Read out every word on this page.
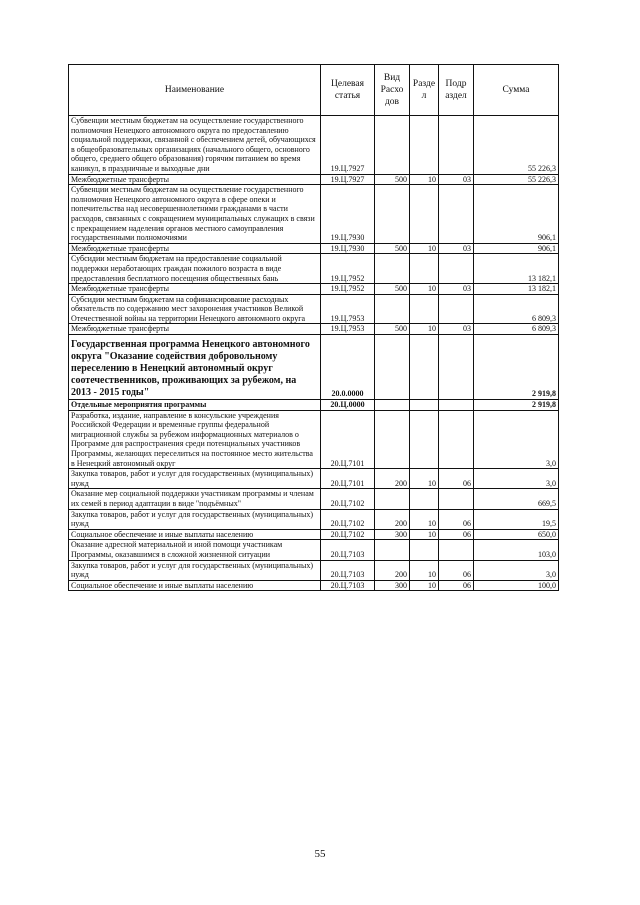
Наименование	Целевая статья	Вид Расхо дов	Разде л	Подр аздел	Сумма
Субвенции местным бюджетам на осуществление государственного полномочия Ненецкого автономного округа по предоставлению социальной поддержки, связанной с обеспечением детей, обучающихся в общеобразовательных организациях (начального общего, основного общего, среднего общего образования) горячим питанием во время каникул, в праздничные и выходные дни	19.Ц.7927				55 226,3
Межбюджетные трансферты	19.Ц.7927	500	10	03	55 226,3
Субвенции местным бюджетам на осуществление государственного полномочия Ненецкого автономного округа в сфере опеки и попечительства над несовершеннолетними гражданами в части расходов, связанных с сокращением муниципальных служащих в связи с прекращением наделения органов местного самоуправления государственными полномочиями	19.Ц.7930				906,1
Межбюджетные трансферты	19.Ц.7930	500	10	03	906,1
Субсидии местным бюджетам на предоставление социальной поддержки неработающих граждан пожилого возраста в виде предоставления бесплатного посещения общественных бань	19.Ц.7952				13 182,1
Межбюджетные трансферты	19.Ц.7952	500	10	03	13 182,1
Субсидии местным бюджетам на софинансирование расходных обязательств по содержанию мест захоронения участников Великой Отечественной войны на территории Ненецкого автономного округа	19.Ц.7953				6 809,3
Межбюджетные трансферты	19.Ц.7953	500	10	03	6 809,3
Государственная программа Ненецкого автономного округа "Оказание содействия добровольному переселению в Ненецкий автономный округ соотечественников, проживающих за рубежом, на 2013 - 2015 годы"	20.0.0000				2 919,8
Отдельные мероприятия программы	20.Ц.0000				2 919,8
Разработка, издание, направление в консульские учреждения Российской Федерации и временные группы федеральной миграционной службы за рубежом информационных материалов о Программе для распространения среди потенциальных участников Программы, желающих переселиться на постоянное место жительства в Ненецкий автономный округ	20.Ц.7101				3,0
Закупка товаров, работ и услуг для государственных (муниципальных) нужд	20.Ц.7101	200	10	06	3,0
Оказание мер социальной поддержки участникам программы и членам их семей в период адаптации в виде "подъёмных"	20.Ц.7102				669,5
Закупка товаров, работ и услуг для государственных (муниципальных) нужд	20.Ц.7102	200	10	06	19,5
Социальное обеспечение и иные выплаты населению	20.Ц.7102	300	10	06	650,0
Оказание адресной материальной и иной помощи участникам Программы, оказавшимся в сложной жизненной ситуации	20.Ц.7103				103,0
Закупка товаров, работ и услуг для государственных (муниципальных) нужд	20.Ц.7103	200	10	06	3,0
Социальное обеспечение и иные выплаты населению	20.Ц.7103	300	10	06	100,0
55
